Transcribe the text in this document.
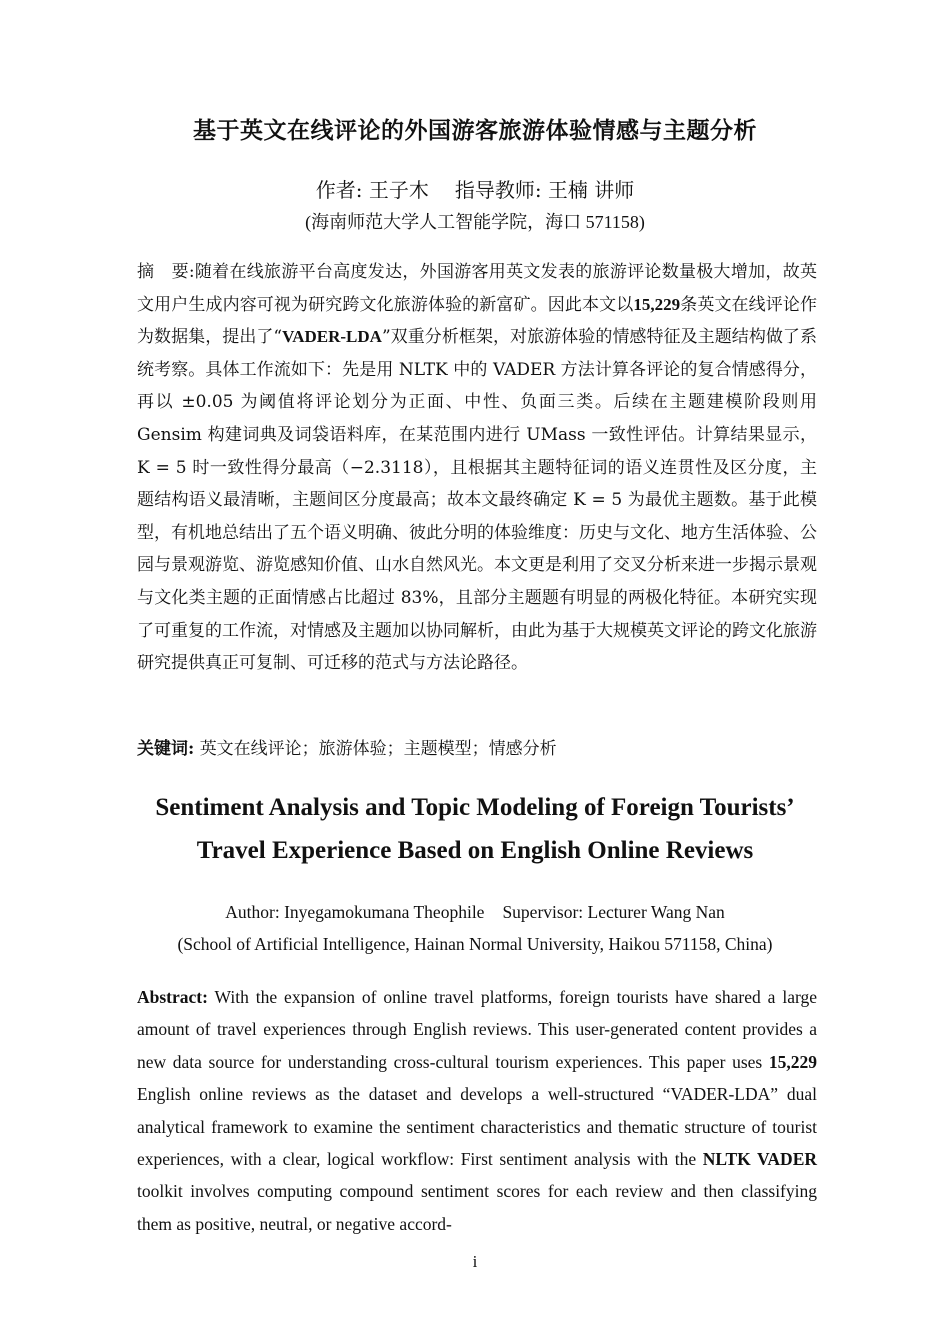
基于英文在线评论的外国游客旅游体验情感与主题分析
作者: 王子木 指导教师: 王楠 讲师
(海南师范大学人工智能学院，海口 571158)
摘　要:随着在线旅游平台高度发达，外国游客用英文发表的旅游评论数量极大增加，故英文用户生成内容可视为研究跨文化旅游体验的新富矿。因此本文以15,229条英文在线评论作为数据集，提出了“VADER-LDA”双重分析框架，对旅游体验的情感特征及主题结构做了系统考察。具体工作流如下：先是用 NLTK 中的 VADER 方法计算各评论的复合情感得分，再以 ±0.05 为阈值将评论划分为正面、中性、负面三类。后续在主题建模阶段则用 Gensim 构建词典及词袋语料库，在某范围内进行 UMass 一致性评估。计算结果显示，K = 5 时一致性得分最高（−2.3118），且根据其主题特征词的语义连贯性及区分度，主题结构语义最清晰，主题间区分度最高；故本文最终确定 K = 5 为最优主题数。基于此模型，有机地总结出了五个语义明确、彼此分明的体验维度：历史与文化、地方生活体验、公园与景观游览、游览感知价值、山水自然风光。本文更是利用了交叉分析来进一步揭示景观与文化类主题的正面情感占比超过 83%，且部分主题题有明显的两极化特征。本研究实现了可重复的工作流，对情感及主题加以协同解析，由此为基于大规模英文评论的跨文化旅游研究提供真正可复制、可迁移的范式与方法论路径。
关键词: 英文在线评论；旅游体验；主题模型；情感分析
Sentiment Analysis and Topic Modeling of Foreign Tourists’
Travel Experience Based on English Online Reviews
Author: Inyegamokumana Theophile Supervisor: Lecturer Wang Nan
(School of Artificial Intelligence, Hainan Normal University, Haikou 571158, China)
Abstract: With the expansion of online travel platforms, foreign tourists have shared a large amount of travel experiences through English reviews. This user-generated content provides a new data source for understanding cross-cultural tourism experiences. This paper uses 15,229 English online reviews as the dataset and develops a well-structured “VADER-LDA” dual analytical framework to examine the sentiment characteristics and thematic structure of tourist experiences, with a clear, logical workflow: First sentiment analysis with the NLTK VADER toolkit involves computing compound sentiment scores for each review and then classifying them as positive, neutral, or negative accord-
i
